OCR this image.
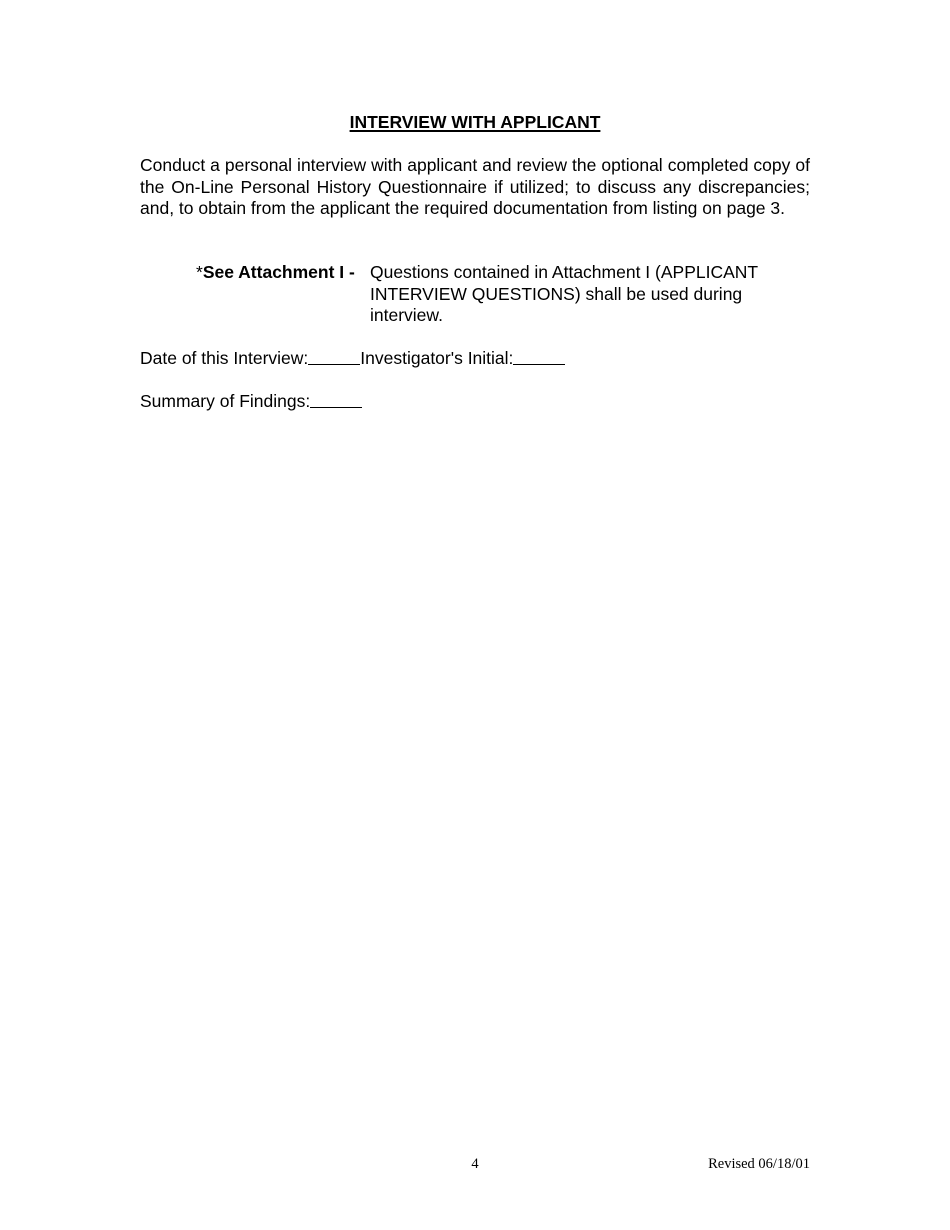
INTERVIEW WITH APPLICANT

Conduct a personal interview with applicant and review the optional completed copy of the On-Line Personal History Questionnaire if utilized; to discuss any discrepancies; and, to obtain from the applicant the required documentation from listing on page 3.

*See Attachment I - Questions contained in Attachment I (APPLICANT INTERVIEW QUESTIONS) shall be used during interview.
Date of this Interview:	Investigator's Initial:
Summary of Findings:
4	Revised 06/18/01
